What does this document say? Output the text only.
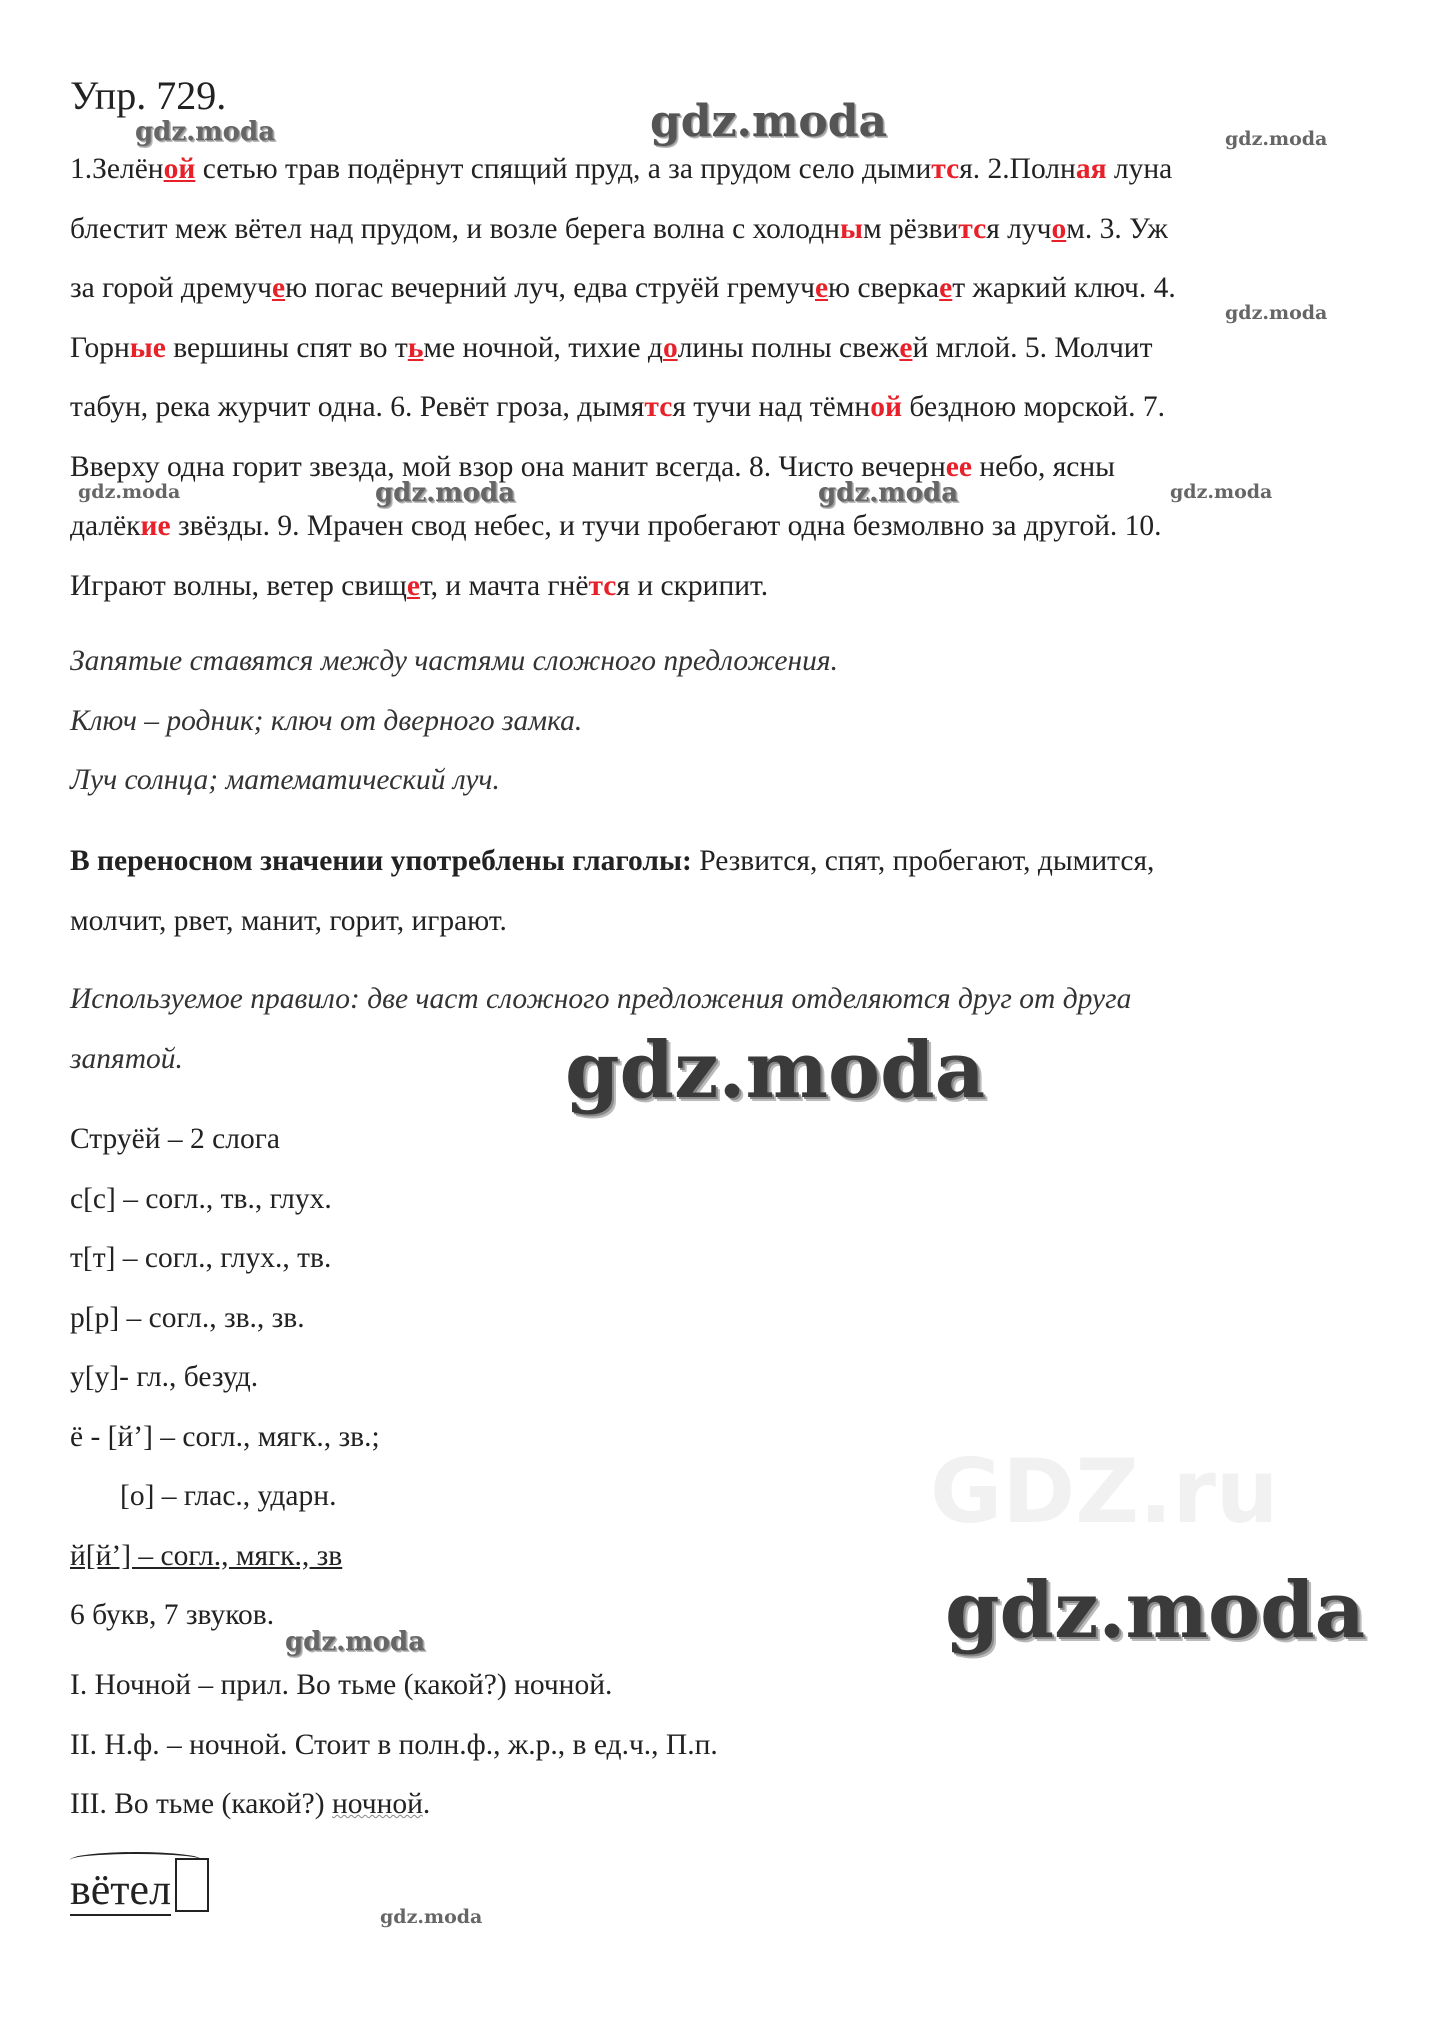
Упр. 729.
1.Зелёной сетью трав подёрнут спящий пруд, а за прудом село дымится. 2.Полная луна
блестит меж вётел над прудом, и возле берега волна с холодным рёзвится лучом. 3. Уж
за горой дремучею погас вечерний луч, едва струёй гремучею сверкает жаркий ключ. 4.
Горные вершины спят во тьме ночной, тихие долины полны свежей мглой. 5. Молчит
табун, река журчит одна. 6. Ревёт гроза, дымятся тучи над тёмной бездною морской. 7.
Вверху одна горит звезда, мой взор она манит всегда. 8. Чисто вечернее небо, ясны
далёкие звёзды. 9. Мрачен свод небес, и тучи пробегают одна безмолвно за другой. 10.
Играют волны, ветер свищет, и мачта гнётся и скрипит.
Запятые ставятся между частями сложного предложения.
Ключ – родник; ключ от дверного замка.
Луч солнца; математический луч.
В переносном значении употреблены глаголы: Резвится, спят, пробегают, дымится,
молчит, рвет, манит, горит, играют.
Используемое правило: две част сложного предложения отделяются друг от друга
запятой.
Струёй – 2 слога
с[с] – согл., тв., глух.
т[т] – согл., глух., тв.
р[р] – согл., зв., зв.
у[у]- гл., безуд.
ё - [й’] – согл., мягк., зв.;
[о] – глас., ударн.
й[й’] – согл., мягк., зв
6 букв, 7 звуков.
I. Ночной – прил. Во тьме (какой?) ночной.
II. Н.ф. – ночной. Стоит в полн.ф., ж.р., в ед.ч., П.п.
III. Во тьме (какой?) ночной.
вётел
GDZ.ru
gdz.moda
gdz.moda	gdz.moda
gdz.moda
gdz.moda	gdz.moda	gdz.moda	gdz.moda
gdz.moda
gdz.moda
gdz.moda
gdz.moda
